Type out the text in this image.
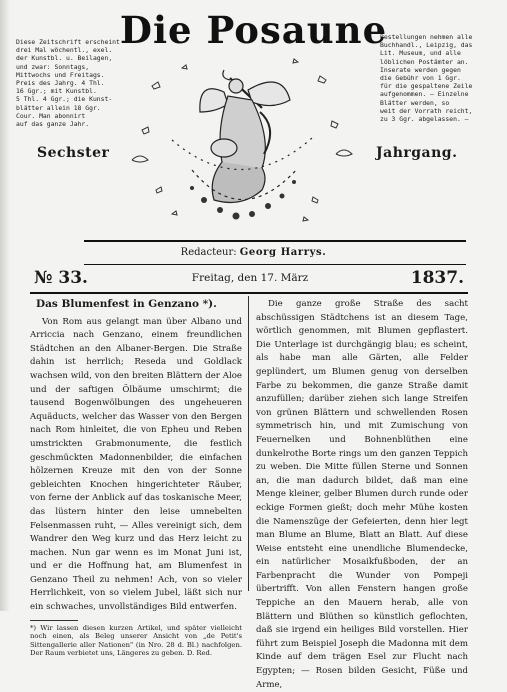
Die Posaune
Diese Zeitschrift erscheint
drei Mal wöchentl., exel.
der Kunstbl. u. Beilagen,
und zwar: Sonntags,
Mittwochs und Freitags.
Preis des Jahrg. 4 Thl.
16 Ggr.; mit Kunstbl.
5 Thl. 4 Ggr.; die Kunst-
blätter allein 18 Ggr.
Cour. Man abonnirt
auf das ganze Jahr.
Bestellungen nehmen alle
Buchhandl., Leipzig, das
Lit. Museum, und alle
löblichen Postämter an.
Inserate werden gegen
die Gebühr von 1 Ggr.
für die gespaltene Zeile
aufgenommen. — Einzelne
Blätter werden, so
weit der Vorrath reicht,
zu 3 Ggr. abgelassen. —
Sechster	Jahrgang.
Redacteur: Georg Harrys.
№ 33.	Freitag, den 17. März	1837.
Das Blumenfest in Genzano *).

Von Rom aus gelangt man über Albano und Arriccia nach Genzano, einem freundlichen Städtchen an den Albaner-Bergen. Die Straße dahin ist herrlich; Reseda und Goldlack wachsen wild, von den breiten Blättern der Aloe und der saftigen Ölbäume umschirmt; die tausend Bogenwölbungen des ungeheueren Aquäducts, welcher das Wasser von den Bergen nach Rom hinleitet, die von Epheu und Reben umstrickten Grabmonumente, die festlich geschmückten Madonnenbilder, die einfachen hölzernen Kreuze mit den von der Sonne gebleichten Knochen hingerichteter Räuber, von ferne der Anblick auf das toskanische Meer, das lüstern hinter den leise umnebelten Felsenmassen ruht, — Alles vereinigt sich, dem Wandrer den Weg kurz und das Herz leicht zu machen. Nun gar wenn es im Monat Juni ist, und er die Hoffnung hat, am Blumenfest in Genzano Theil zu nehmen! Ach, von so vieler Herrlichkeit, von so vielem Jubel, läßt sich nur ein schwaches, unvollständiges Bild entwerfen.

*) Wir lassen diesen kurzen Artikel, und später vielleicht noch einen, als Beleg unserer Ansicht von „de Petit's Sittengallerie aller Nationen" (in Nro. 28 d. Bl.) nachfolgen. Der Raum verbietet uns, Längeres zu geben. D. Red.

Die ganze große Straße des sacht abschüssigen Städtchens ist an diesem Tage, wörtlich genommen, mit Blumen gepflastert. Die Unterlage ist durchgängig blau; es scheint, als habe man alle Gärten, alle Felder geplündert, um Blumen genug von derselben Farbe zu bekommen, die ganze Straße damit anzufüllen; darüber ziehen sich lange Streifen von grünen Blättern und schwellenden Rosen symmetrisch hin, und mit Zumischung von Feuernelken und Bohnenblüthen eine dunkelrothe Borte rings um den ganzen Teppich zu weben. Die Mitte füllen Sterne und Sonnen an, die man dadurch bildet, daß man eine Menge kleiner, gelber Blumen durch runde oder eckige Formen gießt; doch mehr Mühe kosten die Namenszüge der Gefeierten, denn hier legt man Blume an Blume, Blatt an Blatt. Auf diese Weise entsteht eine unendliche Blumendecke, ein natürlicher Mosaikfußboden, der an Farbenpracht die Wunder von Pompeji übertrifft. Von allen Fenstern hangen große Teppiche an den Mauern herab, alle von Blättern und Blüthen so künstlich geflochten, daß sie irgend ein heiliges Bild vorstellen. Hier führt zum Beispiel Joseph die Madonna mit dem Kinde auf dem trägen Esel zur Flucht nach Egypten; — Rosen bilden Gesicht, Füße und Arme,
